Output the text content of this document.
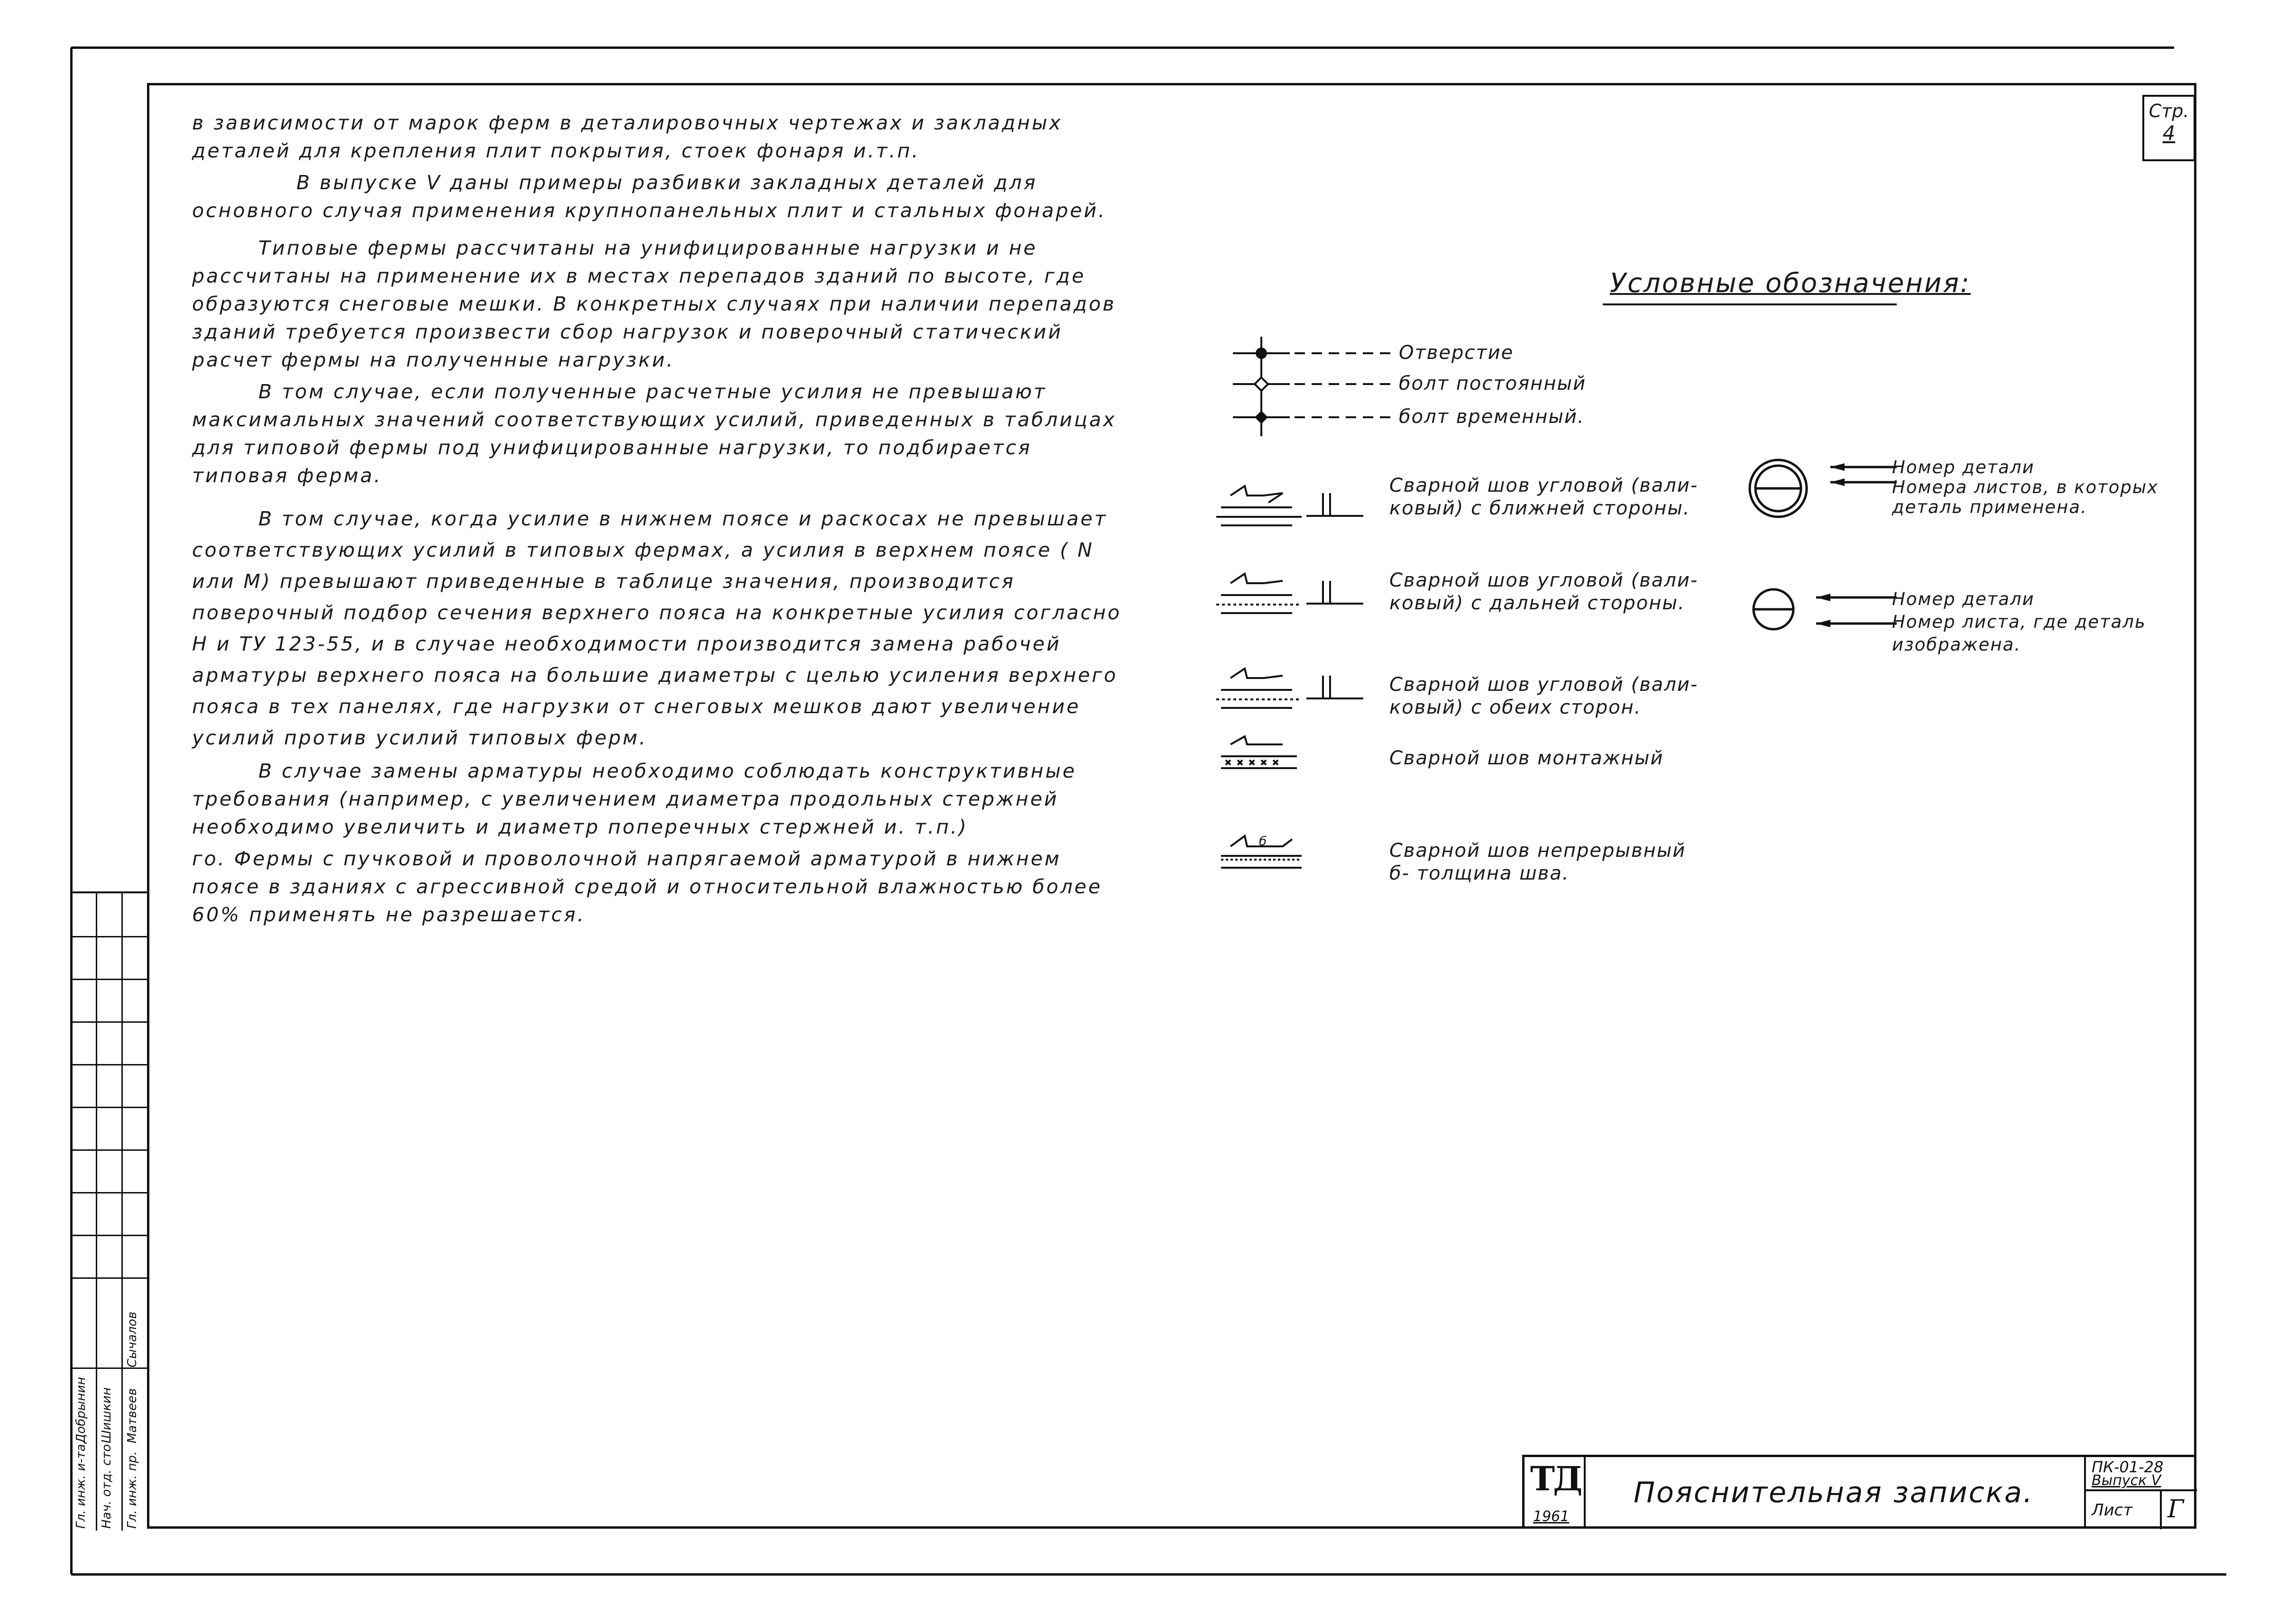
Гл. инж. и-та Нач. отд. сто Гл. инж. пр.
Добрынин Шишкин Матвеев
Сычалов
Стр.
4

в зависимости от марок ферм в деталировочных чертежах и закладных деталей для крепления плит покрытия, стоек фонаря и.т.п.

В выпуске Ⅴ даны примеры разбивки закладных деталей для основного случая применения крупнопанельных плит и стальных фонарей.

Типовые фермы рассчитаны на унифицированные нагрузки и не рассчитаны на применение их в местах перепадов зданий по высоте, где образуются снеговые мешки. В конкретных случаях при наличии перепадов зданий требуется произвести сбор нагрузок и поверочный статический расчет фермы на полученные нагрузки.

В том случае, если полученные расчетные усилия не превышают максимальных значений соответствующих усилий, приведенных в таблицах для типовой фермы под унифицированные нагрузки, то подбирается типовая ферма.

В том случае, когда усилие в нижнем поясе и раскосах не превышает соответствующих усилий в типовых фермах, а усилия в верхнем поясе ( N или M) превышают приведенные в таблице значения, производится поверочный подбор сечения верхнего пояса на конкретные усилия согласно Н и ТУ 123-55, и в случае необходимости производится замена рабочей арматуры верхнего пояса на большие диаметры с целью усиления верхнего пояса в тех панелях, где нагрузки от снеговых мешков дают увеличение усилий против усилий типовых ферм.

В случае замены арматуры необходимо соблюдать конструктивные требования (например, с увеличением диаметра продольных стержней необходимо увеличить и диаметр поперечных стержней и. т.п.)

го. Фермы с пучковой и проволочной напрягаемой арматурой в нижнем поясе в зданиях с агрессивной средой и относительной влажностью более 60% применять не разрешается.

Условные обозначения:
Отверстие
болт постоянный
болт временный.
б
Сварной шов угловой (вали-
ковый) с ближней стороны.
Сварной шов угловой (вали-
ковый) с дальней стороны.
Сварной шов угловой (вали-
ковый) с обеих сторон.
Сварной шов монтажный
Сварной шов непрерывный
б- толщина шва.
Номер детали
Номера листов, в которых
деталь применена.
Номер детали
Номер листа, где деталь
изображена.
ТД
1961
Пояснительная записка.
ПК-01-28
Выпуск Ⅴ
Лист Г
